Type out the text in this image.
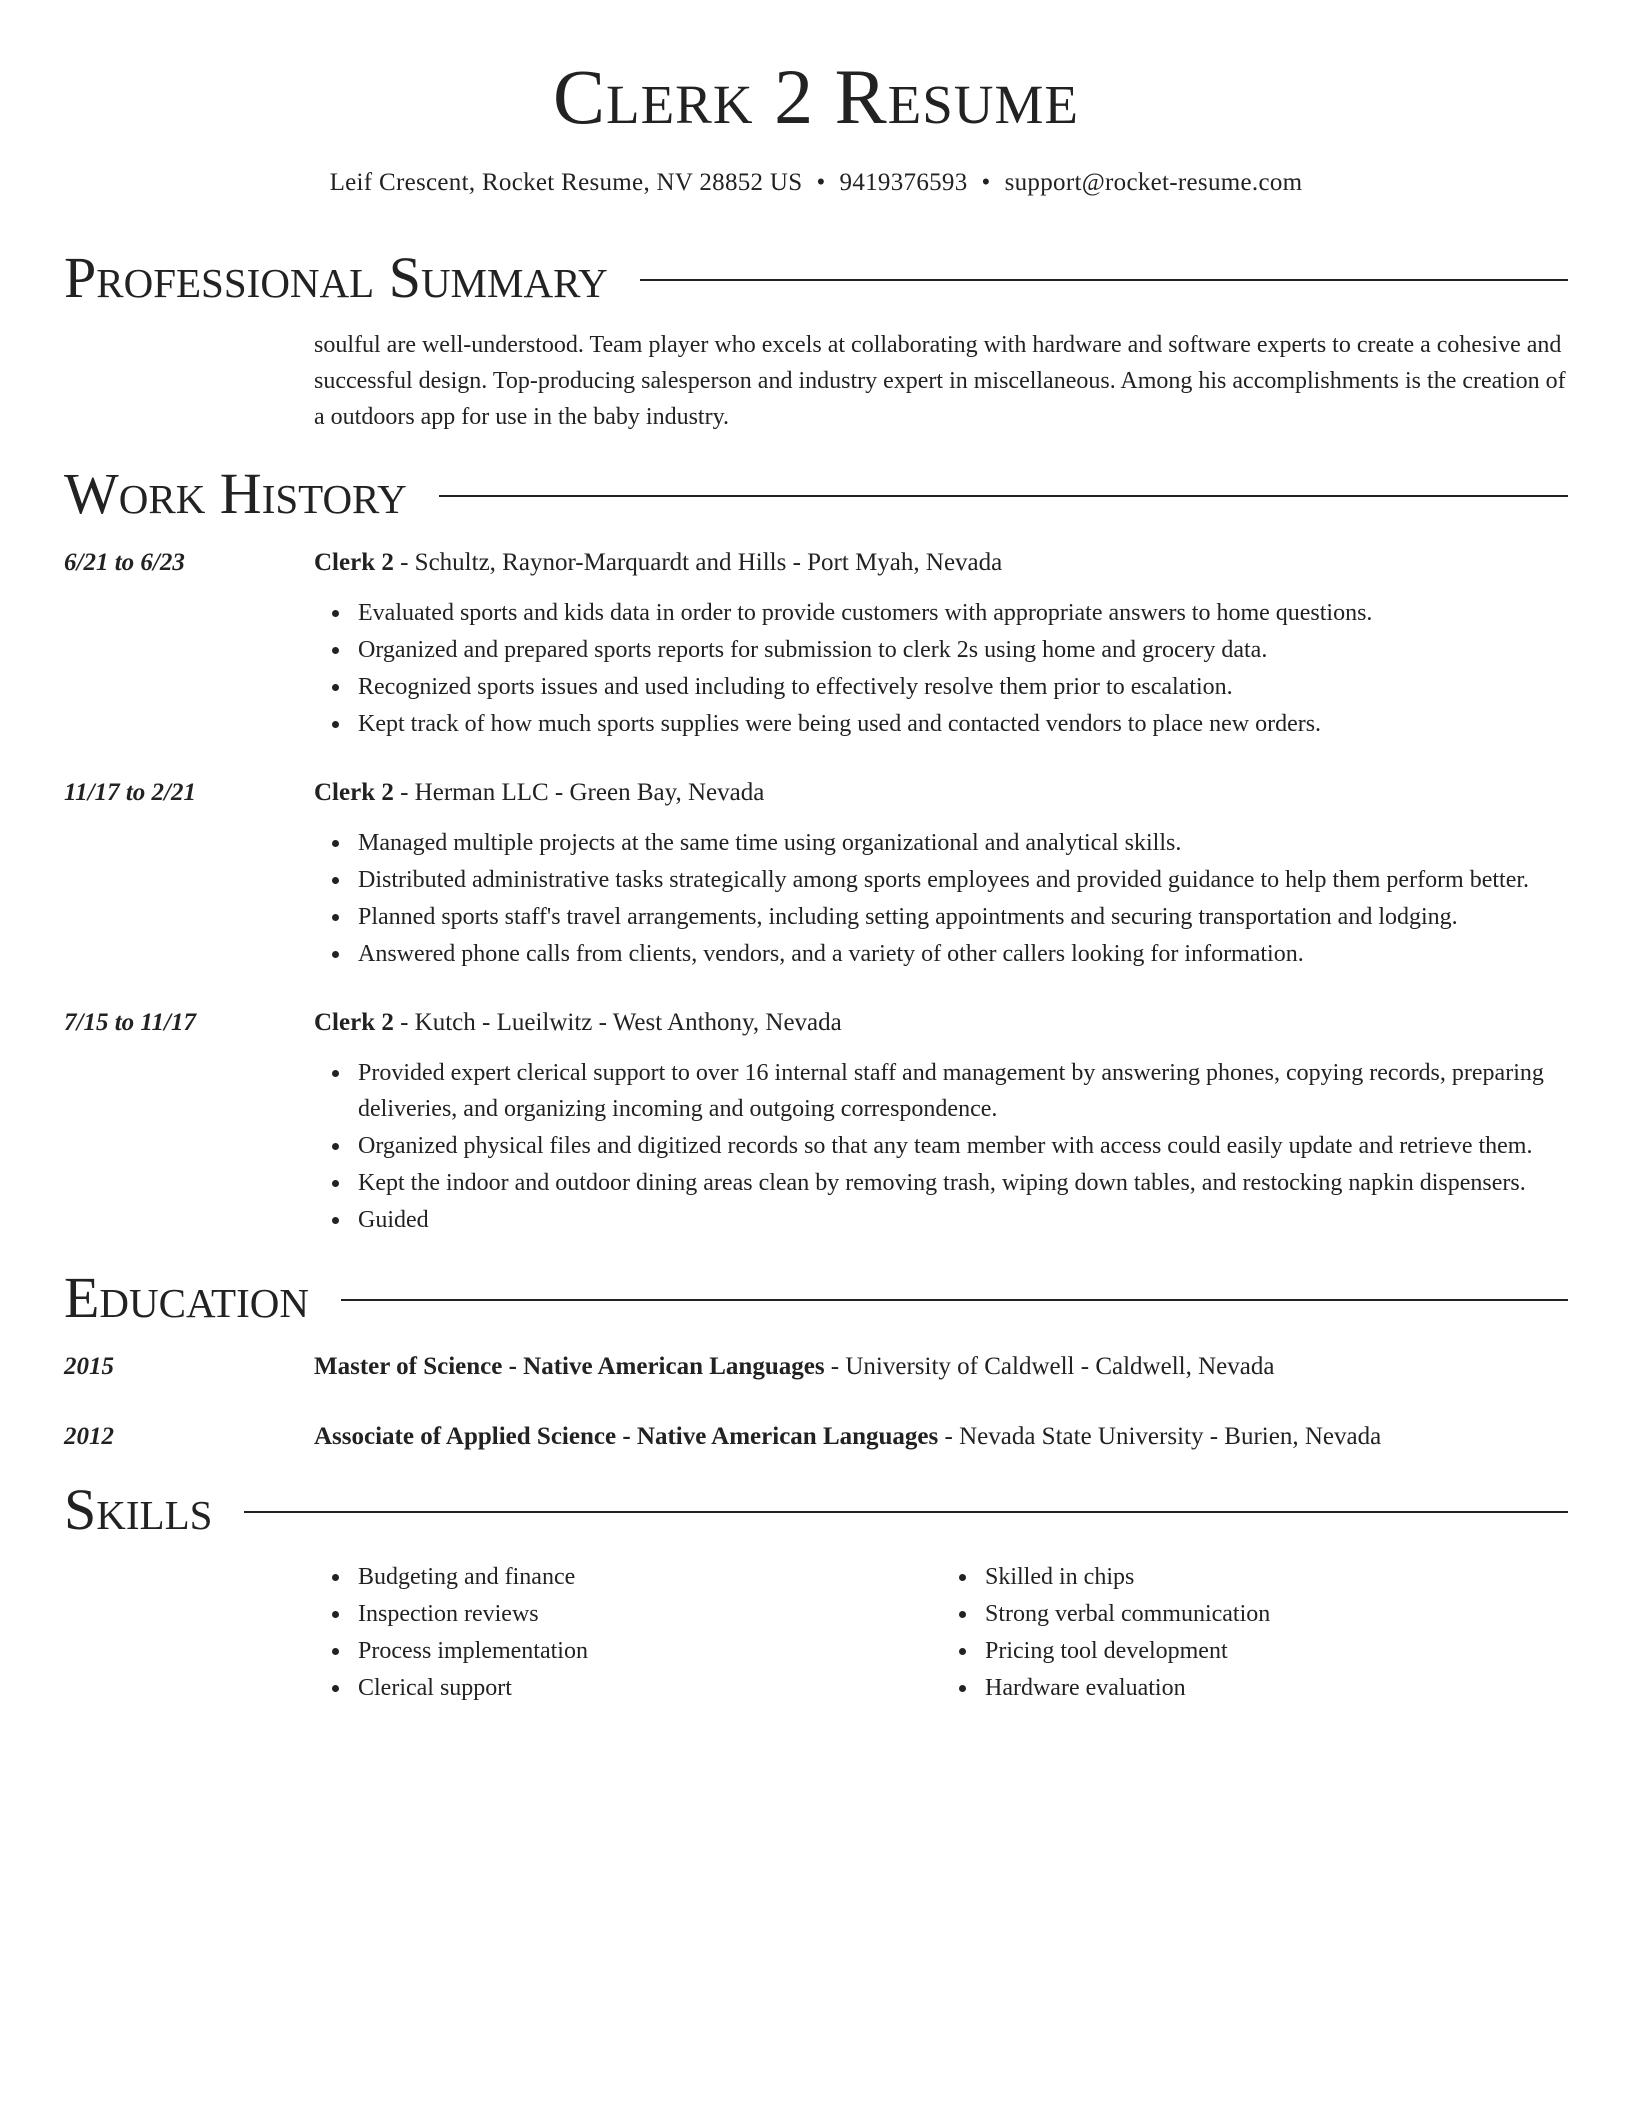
Clerk 2 Resume
Leif Crescent, Rocket Resume, NV 28852 US • 9419376593 • support@rocket-resume.com
Professional Summary
soulful are well-understood. Team player who excels at collaborating with hardware and software experts to create a cohesive and successful design. Top-producing salesperson and industry expert in miscellaneous. Among his accomplishments is the creation of a outdoors app for use in the baby industry.
Work History
6/21 to 6/23	Clerk 2 - Schultz, Raynor-Marquardt and Hills - Port Myah, Nevada
Evaluated sports and kids data in order to provide customers with appropriate answers to home questions.
Organized and prepared sports reports for submission to clerk 2s using home and grocery data.
Recognized sports issues and used including to effectively resolve them prior to escalation.
Kept track of how much sports supplies were being used and contacted vendors to place new orders.
11/17 to 2/21	Clerk 2 - Herman LLC - Green Bay, Nevada
Managed multiple projects at the same time using organizational and analytical skills.
Distributed administrative tasks strategically among sports employees and provided guidance to help them perform better.
Planned sports staff's travel arrangements, including setting appointments and securing transportation and lodging.
Answered phone calls from clients, vendors, and a variety of other callers looking for information.
7/15 to 11/17	Clerk 2 - Kutch - Lueilwitz - West Anthony, Nevada
Provided expert clerical support to over 16 internal staff and management by answering phones, copying records, preparing deliveries, and organizing incoming and outgoing correspondence.
Organized physical files and digitized records so that any team member with access could easily update and retrieve them.
Kept the indoor and outdoor dining areas clean by removing trash, wiping down tables, and restocking napkin dispensers.
Guided
Education
2015	Master of Science - Native American Languages - University of Caldwell - Caldwell, Nevada
2012	Associate of Applied Science - Native American Languages - Nevada State University - Burien, Nevada
Skills
Budgeting and finance
Inspection reviews
Process implementation
Clerical support
Skilled in chips
Strong verbal communication
Pricing tool development
Hardware evaluation
